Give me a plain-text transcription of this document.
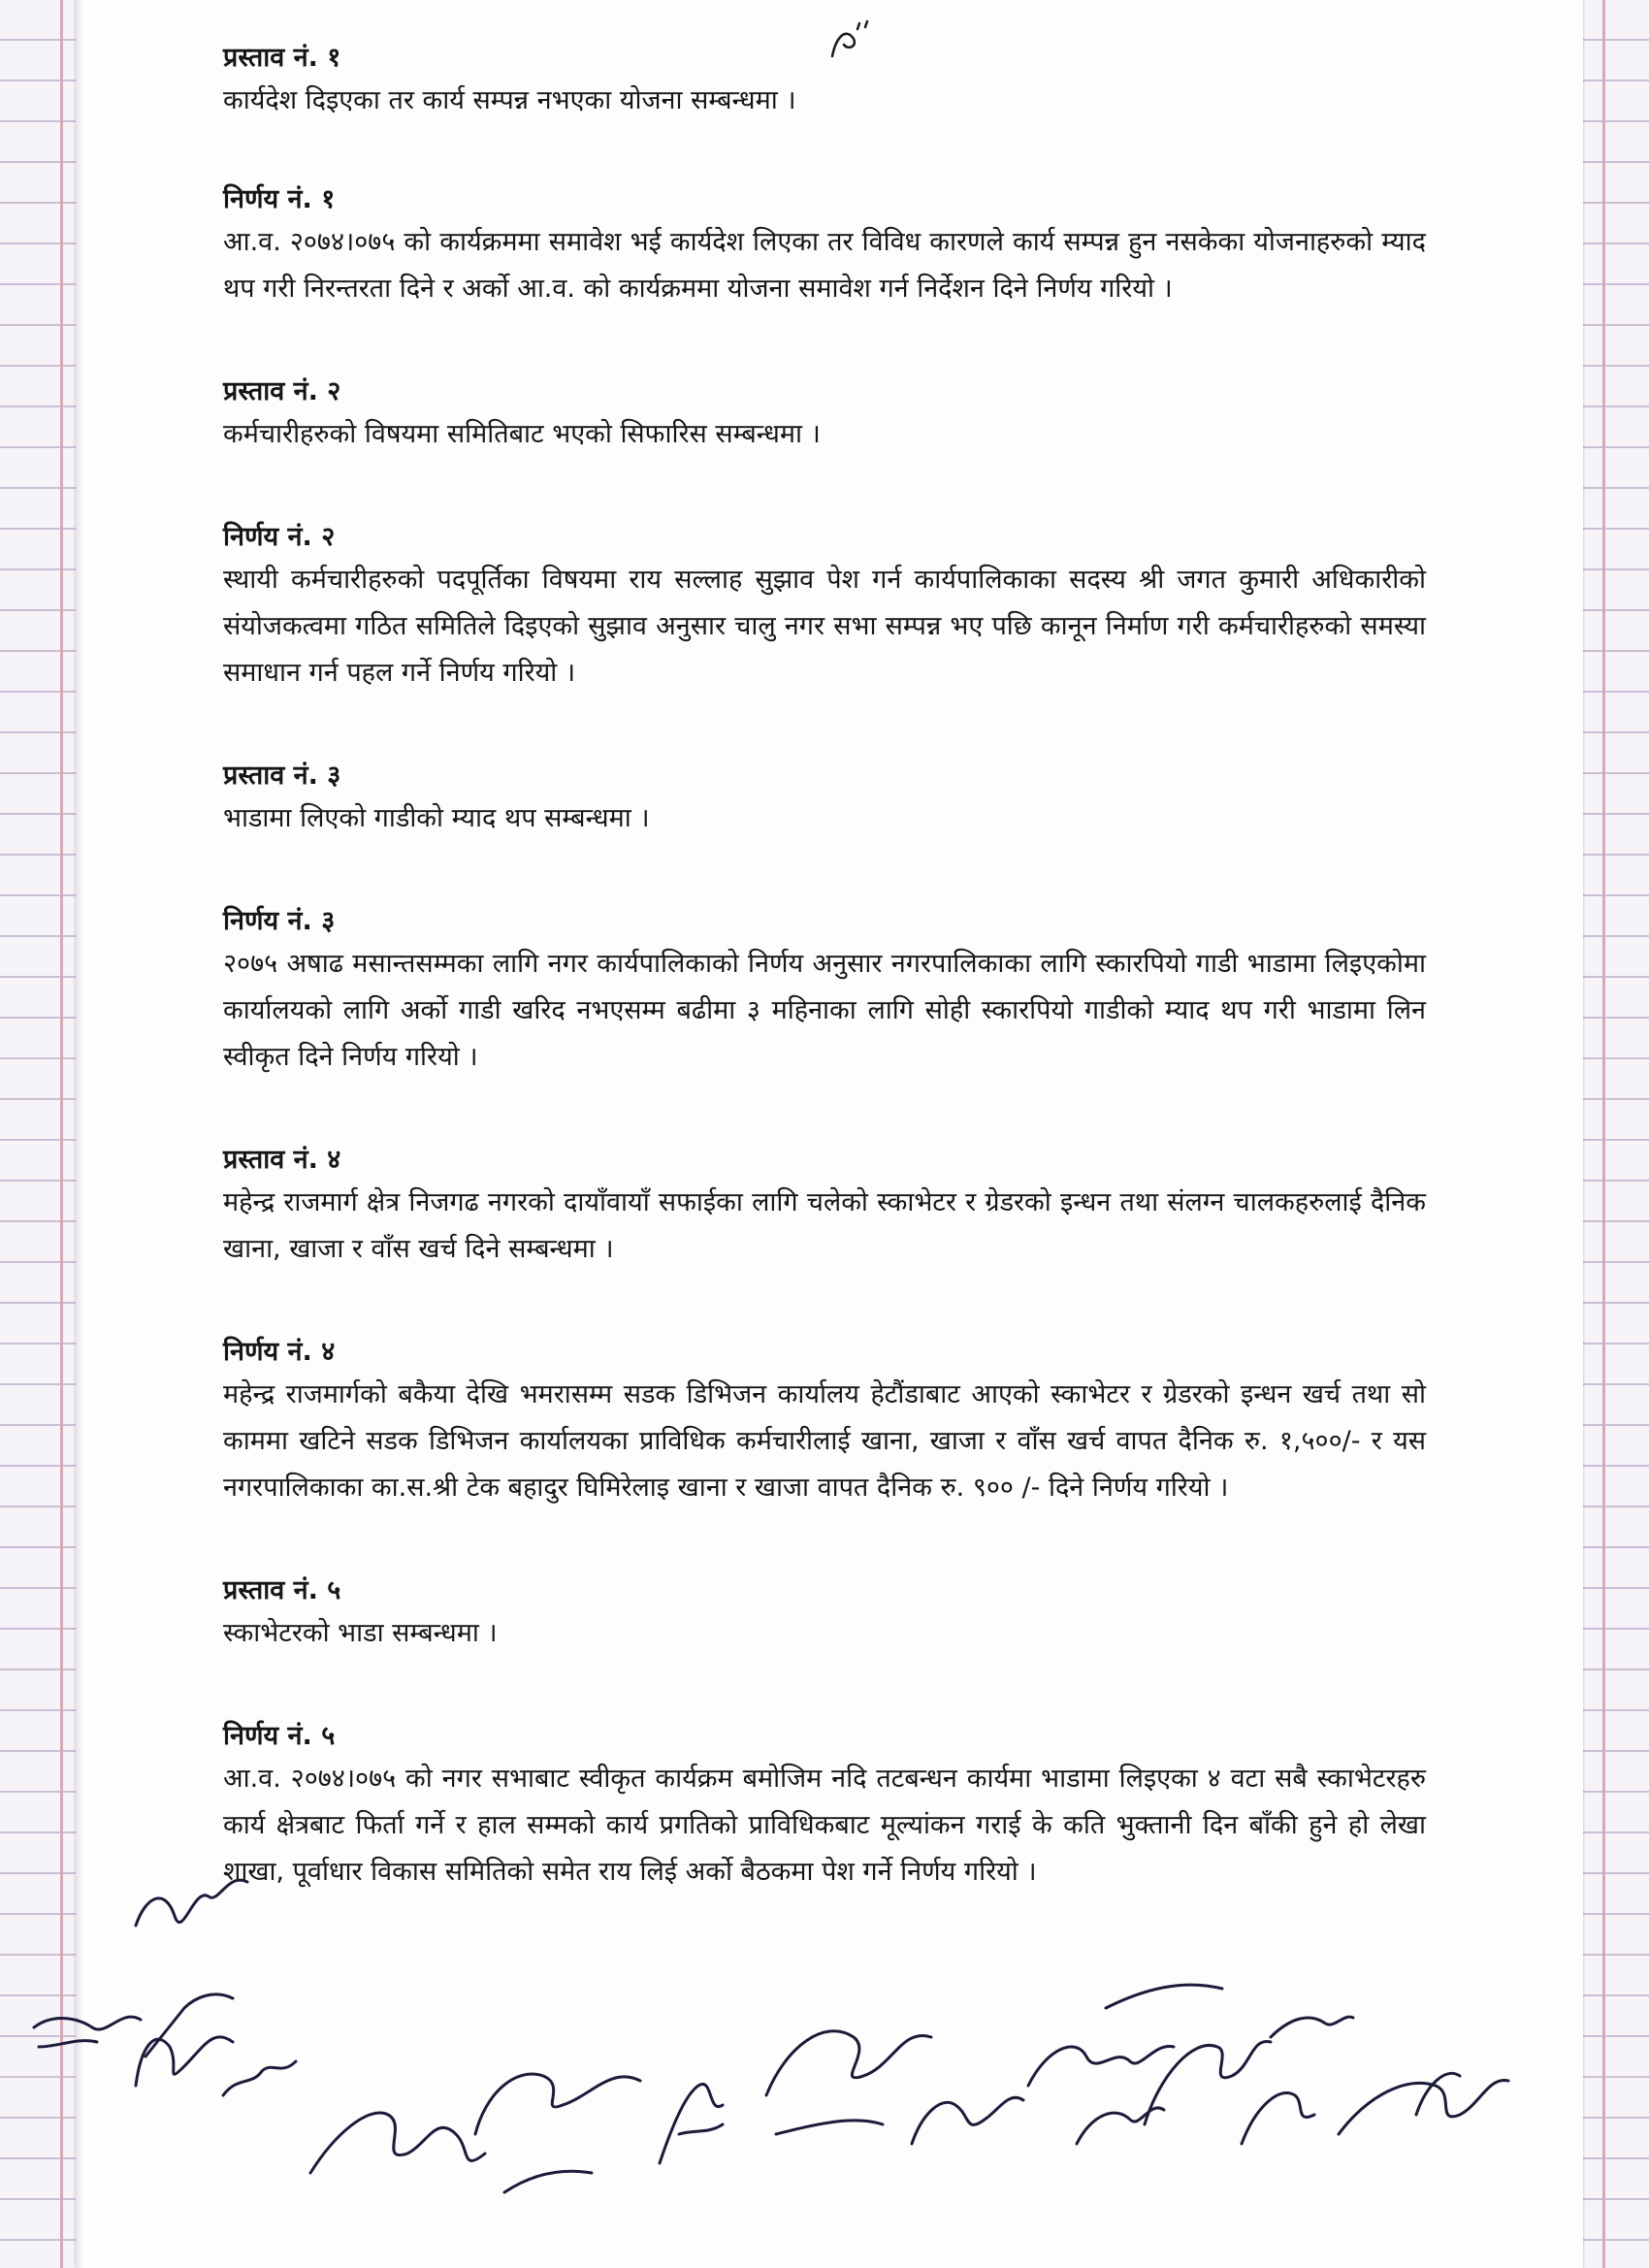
प्रस्ताव नं. १

कार्यदेश दिइएका तर कार्य सम्पन्न नभएका योजना सम्बन्धमा ।

निर्णय नं. १

आ.व. २०७४।०७५ को कार्यक्रममा समावेश भई कार्यदेश लिएका तर विविध कारणले कार्य सम्पन्न हुन नसकेका योजनाहरुको म्याद थप गरी निरन्तरता दिने र अर्को आ.व. को कार्यक्रममा योजना समावेश गर्न निर्देशन दिने निर्णय गरियो ।

प्रस्ताव नं. २

कर्मचारीहरुको विषयमा समितिबाट भएको सिफारिस सम्बन्धमा ।

निर्णय नं. २

स्थायी कर्मचारीहरुको पदपूर्तिका विषयमा राय सल्लाह सुझाव पेश गर्न कार्यपालिकाका सदस्य श्री जगत कुमारी अधिकारीको संयोजकत्वमा गठित समितिले दिइएको सुझाव अनुसार चालु नगर सभा सम्पन्न भए पछि कानून निर्माण गरी कर्मचारीहरुको समस्या समाधान गर्न पहल गर्ने निर्णय गरियो ।

प्रस्ताव नं. ३

भाडामा लिएको गाडीको म्याद थप सम्बन्धमा ।

निर्णय नं. ३

२०७५ अषाढ मसान्तसम्मका लागि नगर कार्यपालिकाको निर्णय अनुसार नगरपालिकाका लागि स्कारपियो गाडी भाडामा लिइएकोमा कार्यालयको लागि अर्को गाडी खरिद नभएसम्म बढीमा ३ महिनाका लागि सोही स्कारपियो गाडीको म्याद थप गरी भाडामा लिन स्वीकृत दिने निर्णय गरियो ।

प्रस्ताव नं. ४

महेन्द्र राजमार्ग क्षेत्र निजगढ नगरको दायाँवायाँ सफाईका लागि चलेको स्काभेटर र ग्रेडरको इन्धन तथा संलग्न चालकहरुलाई दैनिक खाना, खाजा र वाँस खर्च दिने सम्बन्धमा ।

निर्णय नं. ४

महेन्द्र राजमार्गको बकैया देखि भमरासम्म सडक डिभिजन कार्यालय हेटौंडाबाट आएको स्काभेटर र ग्रेडरको इन्धन खर्च तथा सो काममा खटिने सडक डिभिजन कार्यालयका प्राविधिक कर्मचारीलाई खाना, खाजा र वाँस खर्च वापत दैनिक रु. १,५००/- र यस नगरपालिकाका का.स.श्री टेक बहादुर घिमिरेलाइ खाना र खाजा वापत दैनिक रु. ९०० /- दिने निर्णय गरियो ।

प्रस्ताव नं. ५

स्काभेटरको भाडा सम्बन्धमा ।

निर्णय नं. ५

आ.व. २०७४।०७५ को नगर सभाबाट स्वीकृत कार्यक्रम बमोजिम नदि तटबन्धन कार्यमा भाडामा लिइएका ४ वटा सबै स्काभेटरहरु कार्य क्षेत्रबाट फिर्ता गर्ने र हाल सम्मको कार्य प्रगतिको प्राविधिकबाट मूल्यांकन गराई के कति भुक्तानी दिन बाँकी हुने हो लेखा शाखा, पूर्वाधार विकास समितिको समेत राय लिई अर्को बैठकमा पेश गर्ने निर्णय गरियो ।
